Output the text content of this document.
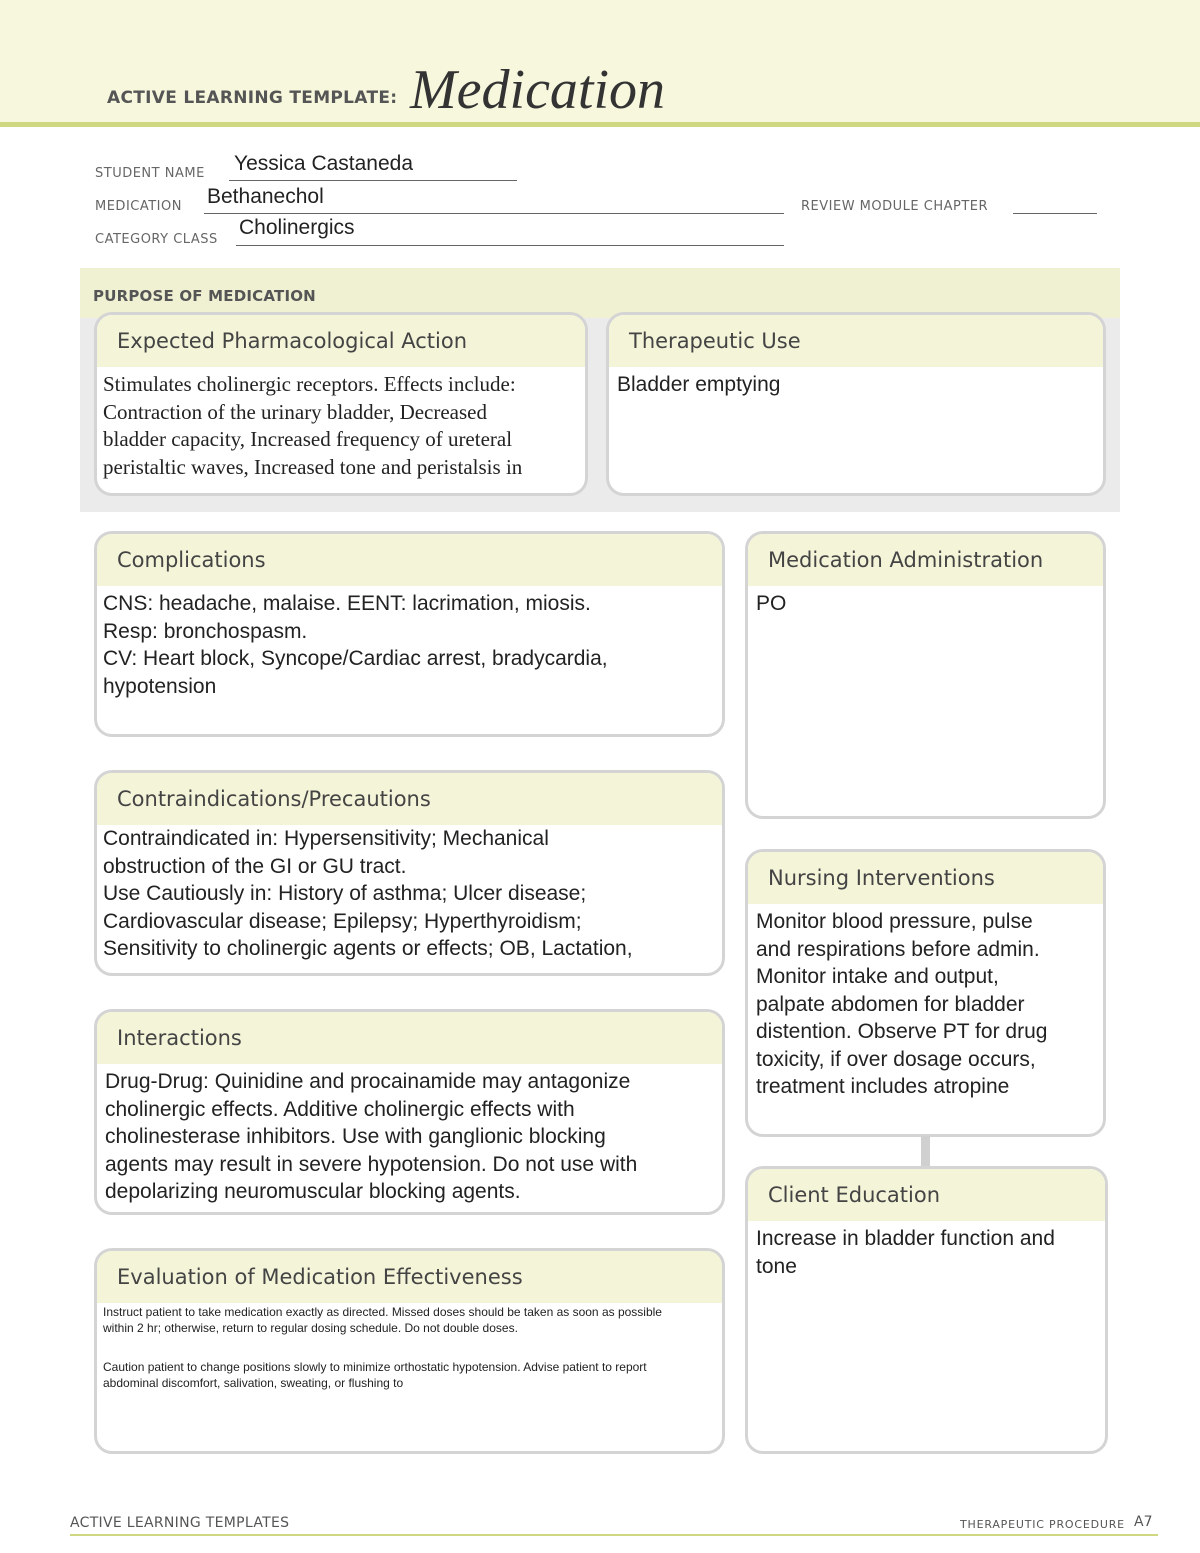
ACTIVE LEARNING TEMPLATE: Medication
STUDENT NAME Yessica Castaneda
MEDICATION Bethanechol	REVIEW MODULE CHAPTER
CATEGORY CLASS
Cholinergics
PURPOSE OF MEDICATION
Expected Pharmacological Action
Stimulates cholinergic receptors. Effects include:
Contraction of the urinary bladder, Decreased
bladder capacity, Increased frequency of ureteral
peristaltic waves, Increased tone and peristalsis in
Therapeutic Use
Bladder emptying
Complications
CNS: headache, malaise. EENT: lacrimation, miosis.
Resp: bronchospasm.
CV: Heart block, Syncope/Cardiac arrest, bradycardia,
hypotension
Medication Administration
PO
Contraindications/Precautions
Contraindicated in: Hypersensitivity; Mechanical
obstruction of the GI or GU tract.
Use Cautiously in: History of asthma; Ulcer disease;
Cardiovascular disease; Epilepsy; Hyperthyroidism;
Sensitivity to cholinergic agents or effects; OB, Lactation,
Nursing Interventions
Monitor blood pressure, pulse
and respirations before admin.
Monitor intake and output,
palpate abdomen for bladder
distention. Observe PT for drug
toxicity, if over dosage occurs,
treatment includes atropine
Interactions
Drug-Drug: Quinidine and procainamide may antagonize
cholinergic effects. Additive cholinergic effects with
cholinesterase inhibitors. Use with ganglionic blocking
agents may result in severe hypotension. Do not use with
depolarizing neuromuscular blocking agents.	Client Education
Increase in bladder function and
tone
Evaluation of Medication Effectiveness

Instruct patient to take medication exactly as directed. Missed doses should be taken as soon as possible
within 2 hr; otherwise, return to regular dosing schedule. Do not double doses.

Caution patient to change positions slowly to minimize orthostatic hypotension. Advise patient to report
abdominal discomfort, salivation, sweating, or flushing to

ACTIVE LEARNING TEMPLATES	THERAPEUTIC PROCEDURE A7
